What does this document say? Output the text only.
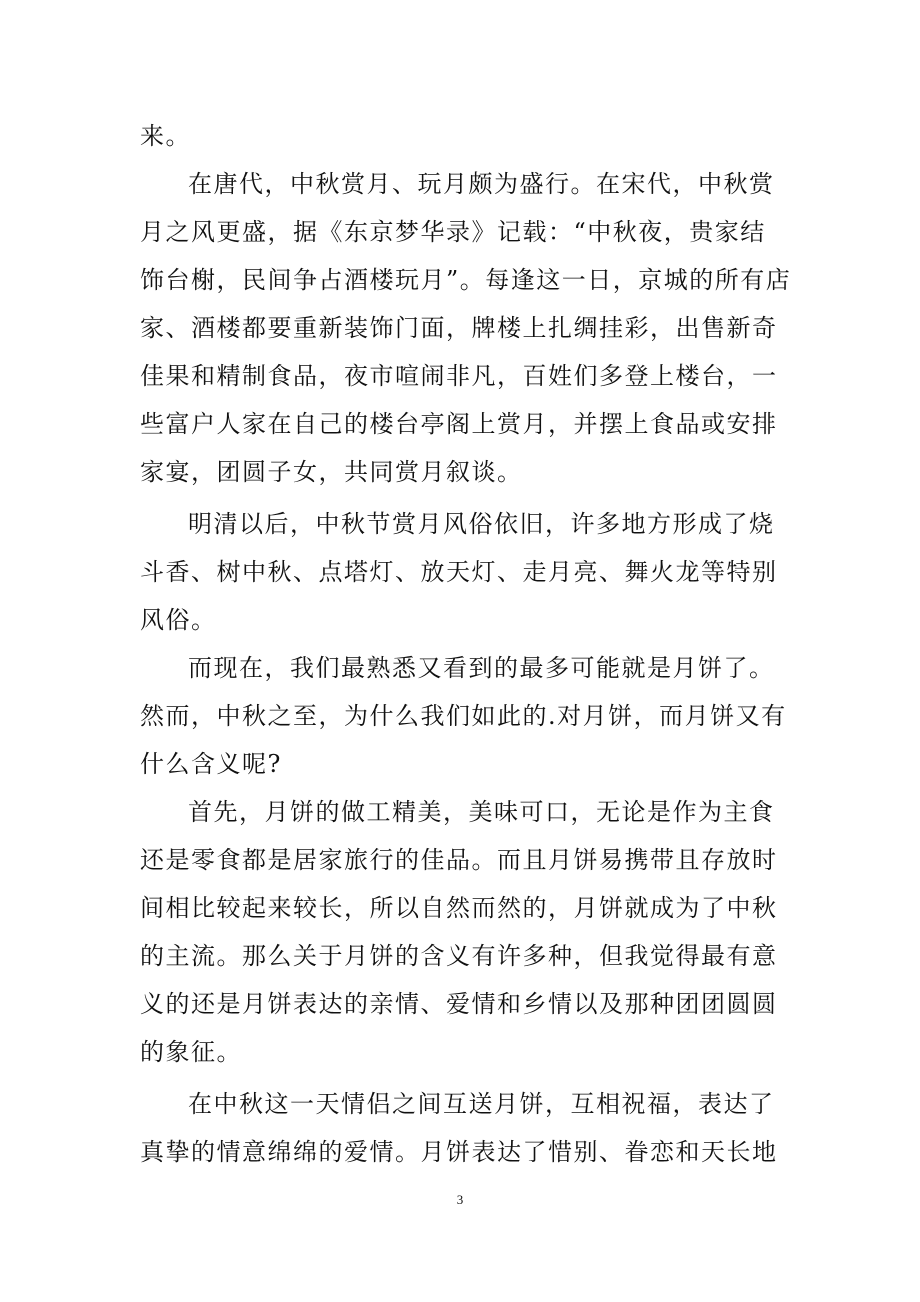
来。
在唐代，中秋赏月、玩月颇为盛行。在宋代，中秋赏
月之风更盛，据《东京梦华录》记载：“中秋夜，贵家结
饰台榭，民间争占酒楼玩月”。每逢这一日，京城的所有店
家、酒楼都要重新装饰门面，牌楼上扎绸挂彩，出售新奇
佳果和精制食品，夜市喧闹非凡，百姓们多登上楼台，一
些富户人家在自己的楼台亭阁上赏月，并摆上食品或安排
家宴，团圆子女，共同赏月叙谈。
明清以后，中秋节赏月风俗依旧，许多地方形成了烧
斗香、树中秋、点塔灯、放天灯、走月亮、舞火龙等特别
风俗。
而现在，我们最熟悉又看到的最多可能就是月饼了。
然而，中秋之至，为什么我们如此的.对月饼，而月饼又有
什么含义呢?
首先，月饼的做工精美，美味可口，无论是作为主食
还是零食都是居家旅行的佳品。而且月饼易携带且存放时
间相比较起来较长，所以自然而然的，月饼就成为了中秋
的主流。那么关于月饼的含义有许多种，但我觉得最有意
义的还是月饼表达的亲情、爱情和乡情以及那种团团圆圆
的象征。
在中秋这一天情侣之间互送月饼，互相祝福，表达了
真挚的情意绵绵的爱情。月饼表达了惜别、眷恋和天长地
3
